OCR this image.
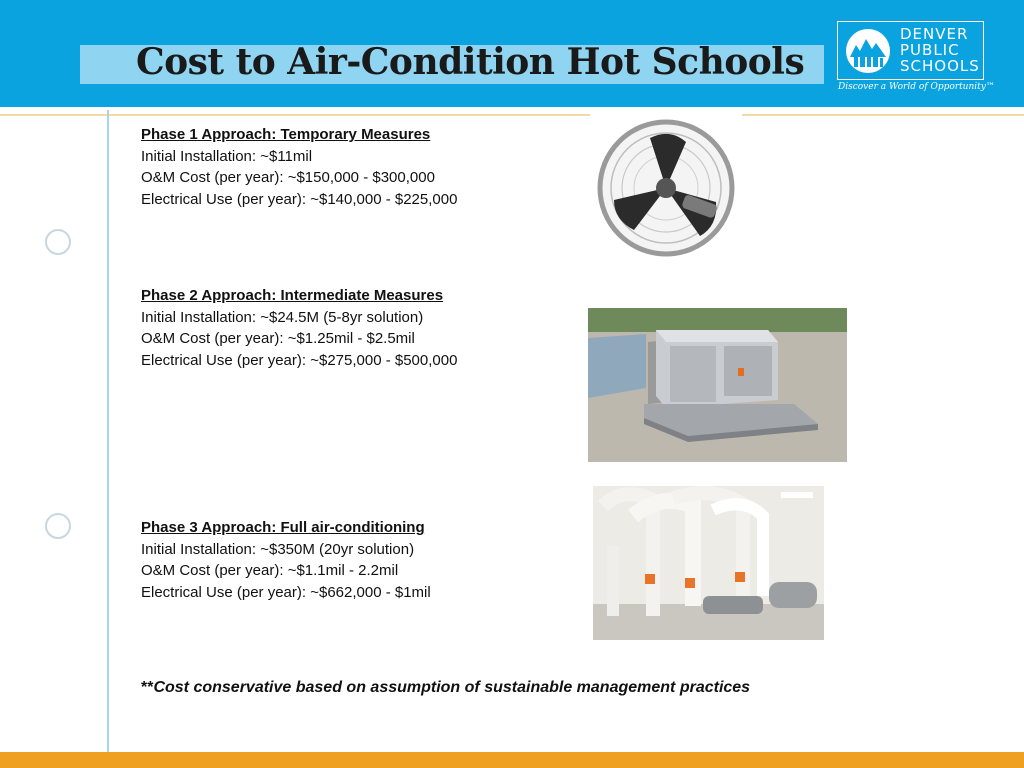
Cost to Air-Condition Hot Schools
DENVER
PUBLIC
SCHOOLS
Discover a World of Opportunity™
Phase 1 Approach: Temporary Measures
Initial Installation: ~$11mil
O&M Cost (per year): ~$150,000 - $300,000
Electrical Use (per year): ~$140,000 - $225,000
Phase 2 Approach: Intermediate Measures
Initial Installation: ~$24.5M (5-8yr solution)
O&M Cost (per year): ~$1.25mil - $2.5mil
Electrical Use (per year): ~$275,000 - $500,000
Phase 3 Approach: Full air-conditioning
Initial Installation: ~$350M (20yr solution)
O&M Cost (per year): ~$1.1mil - 2.2mil
Electrical Use (per year): ~$662,000 - $1mil
**Cost conservative based on assumption of sustainable management practices
